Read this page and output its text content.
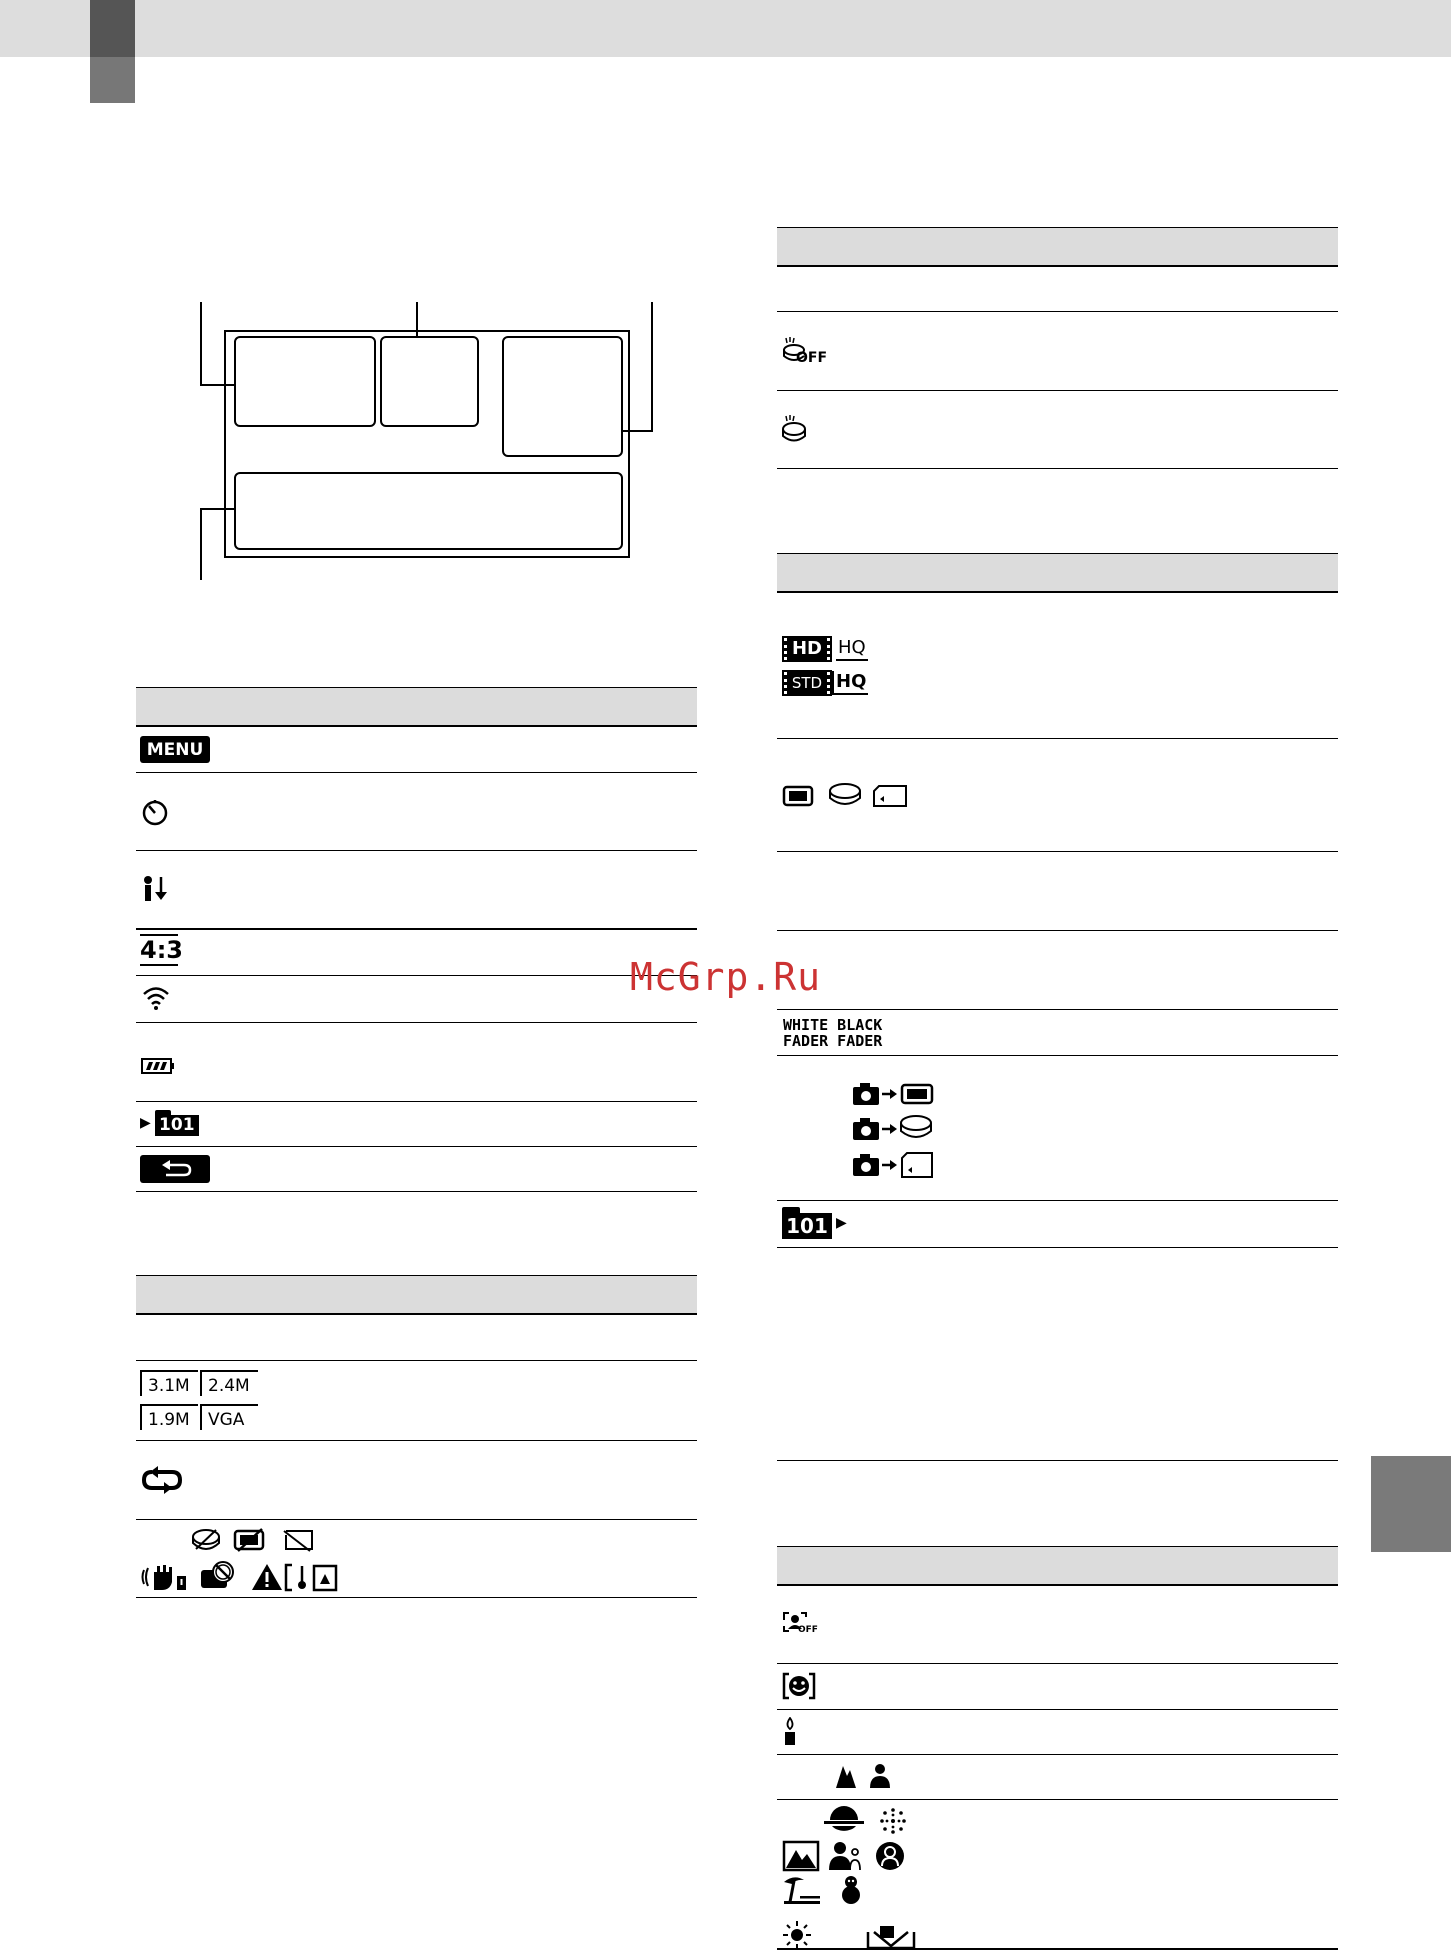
MENU
4:3
▶ 101
3.1M 2.4M
1.9M VGA
OFF
HD HQ
STD HQ
McGrp.Ru
WHITE BLACK
FADER FADER
101 ▶
OFF
